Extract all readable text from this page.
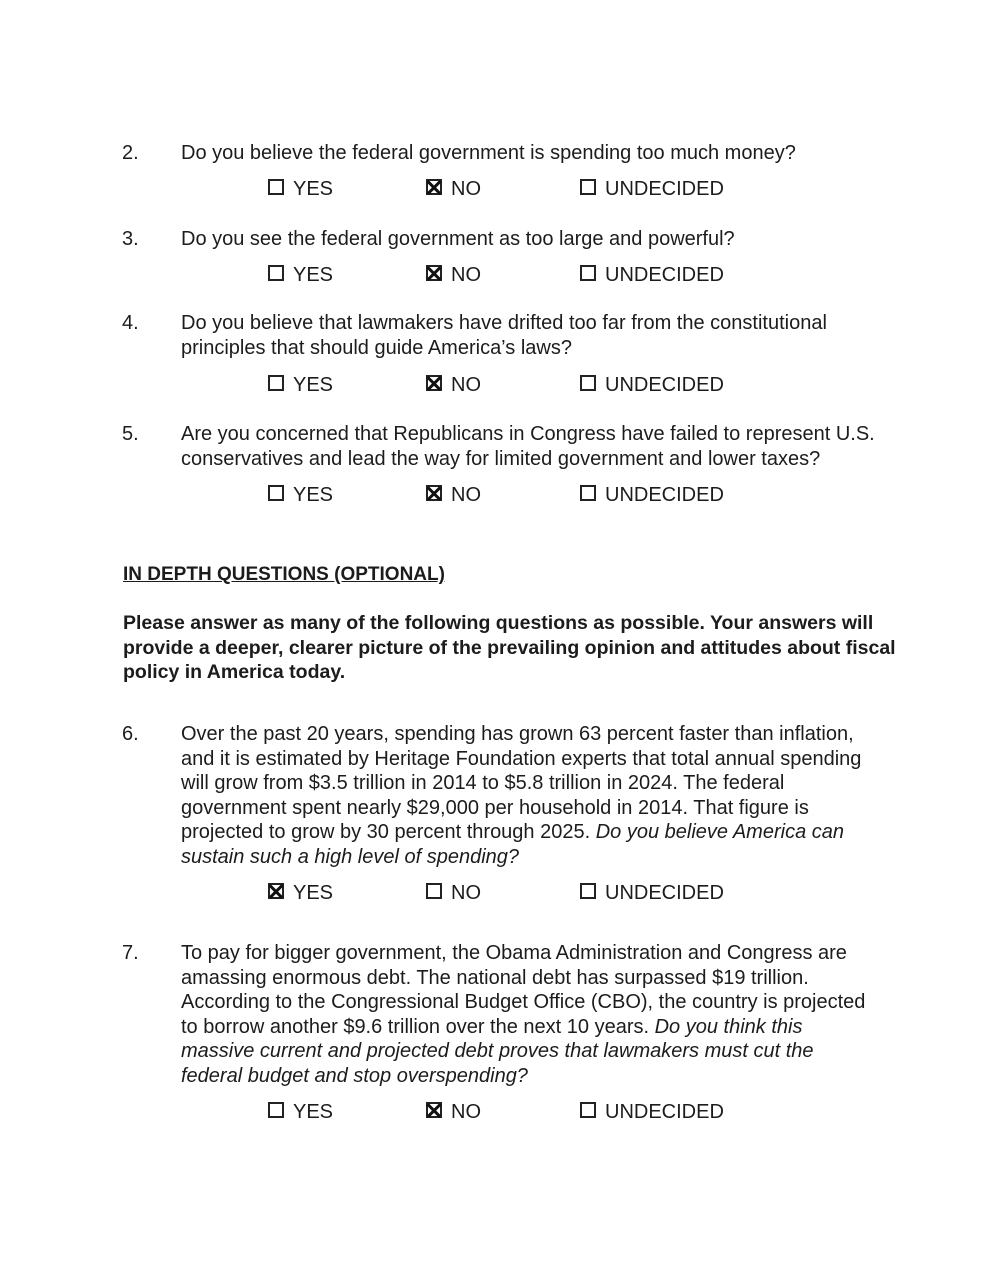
2. Do you believe the federal government is spending too much money?
YES	NO	UNDECIDED
3. Do you see the federal government as too large and powerful?
YES	NO	UNDECIDED
4. Do you believe that lawmakers have drifted too far from the constitutional principles that should guide America’s laws?
YES	NO	UNDECIDED
5. Are you concerned that Republicans in Congress have failed to represent U.S. conservatives and lead the way for limited government and lower taxes?
YES	NO	UNDECIDED
IN DEPTH QUESTIONS (OPTIONAL)
Please answer as many of the following questions as possible. Your answers will provide a deeper, clearer picture of the prevailing opinion and attitudes about fiscal policy in America today.
6. Over the past 20 years, spending has grown 63 percent faster than inflation, and it is estimated by Heritage Foundation experts that total annual spending will grow from $3.5 trillion in 2014 to $5.8 trillion in 2024. The federal government spent nearly $29,000 per household in 2014. That figure is projected to grow by 30 percent through 2025. Do you believe America can sustain such a high level of spending?
YES	NO	UNDECIDED
7. To pay for bigger government, the Obama Administration and Congress are amassing enormous debt. The national debt has surpassed $19 trillion. According to the Congressional Budget Office (CBO), the country is projected to borrow another $9.6 trillion over the next 10 years. Do you think this massive current and projected debt proves that lawmakers must cut the federal budget and stop overspending?
YES	NO	UNDECIDED
